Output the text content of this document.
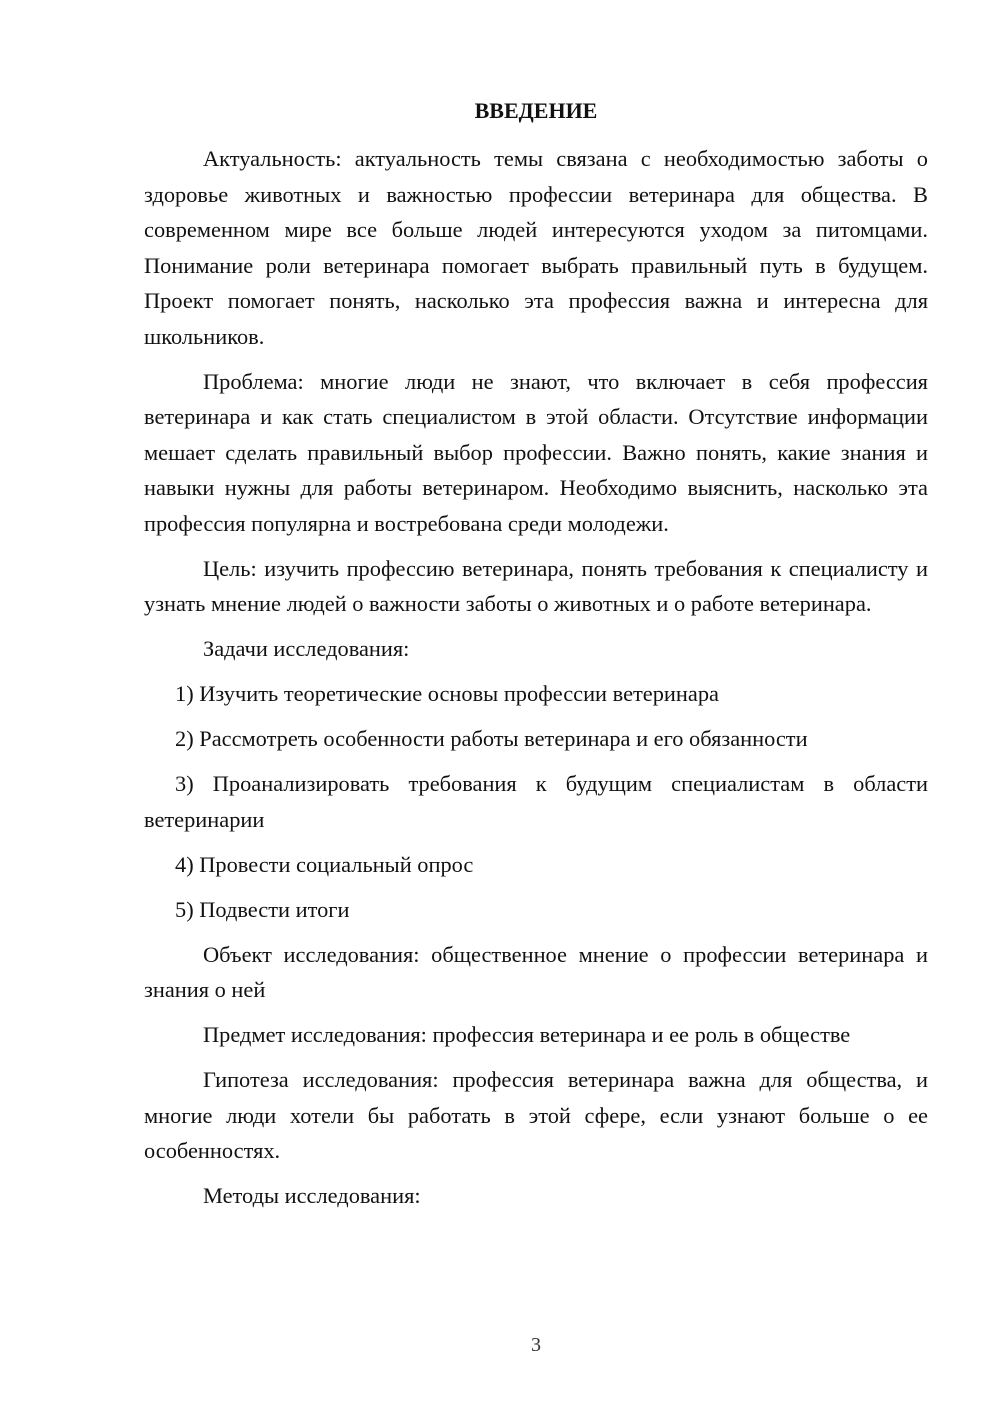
ВВЕДЕНИЕ

Актуальность: актуальность темы связана с необходимостью заботы о здоровье животных и важностью профессии ветеринара для общества. В современном мире все больше людей интересуются уходом за питомцами. Понимание роли ветеринара помогает выбрать правильный путь в будущем. Проект помогает понять, насколько эта профессия важна и интересна для школьников.

Проблема: многие люди не знают, что включает в себя профессия ветеринара и как стать специалистом в этой области. Отсутствие информации мешает сделать правильный выбор профессии. Важно понять, какие знания и навыки нужны для работы ветеринаром. Необходимо выяснить, насколько эта профессия популярна и востребована среди молодежи.

Цель: изучить профессию ветеринара, понять требования к специалисту и узнать мнение людей о важности заботы о животных и о работе ветеринара.

Задачи исследования:

1) Изучить теоретические основы профессии ветеринара

2) Рассмотреть особенности работы ветеринара и его обязанности

3) Проанализировать требования к будущим специалистам в области ветеринарии

4) Провести социальный опрос

5) Подвести итоги

Объект исследования: общественное мнение о профессии ветеринара и знания о ней

Предмет исследования: профессия ветеринара и ее роль в обществе

Гипотеза исследования: профессия ветеринара важна для общества, и многие люди хотели бы работать в этой сфере, если узнают больше о ее особенностях.

Методы исследования:

3
